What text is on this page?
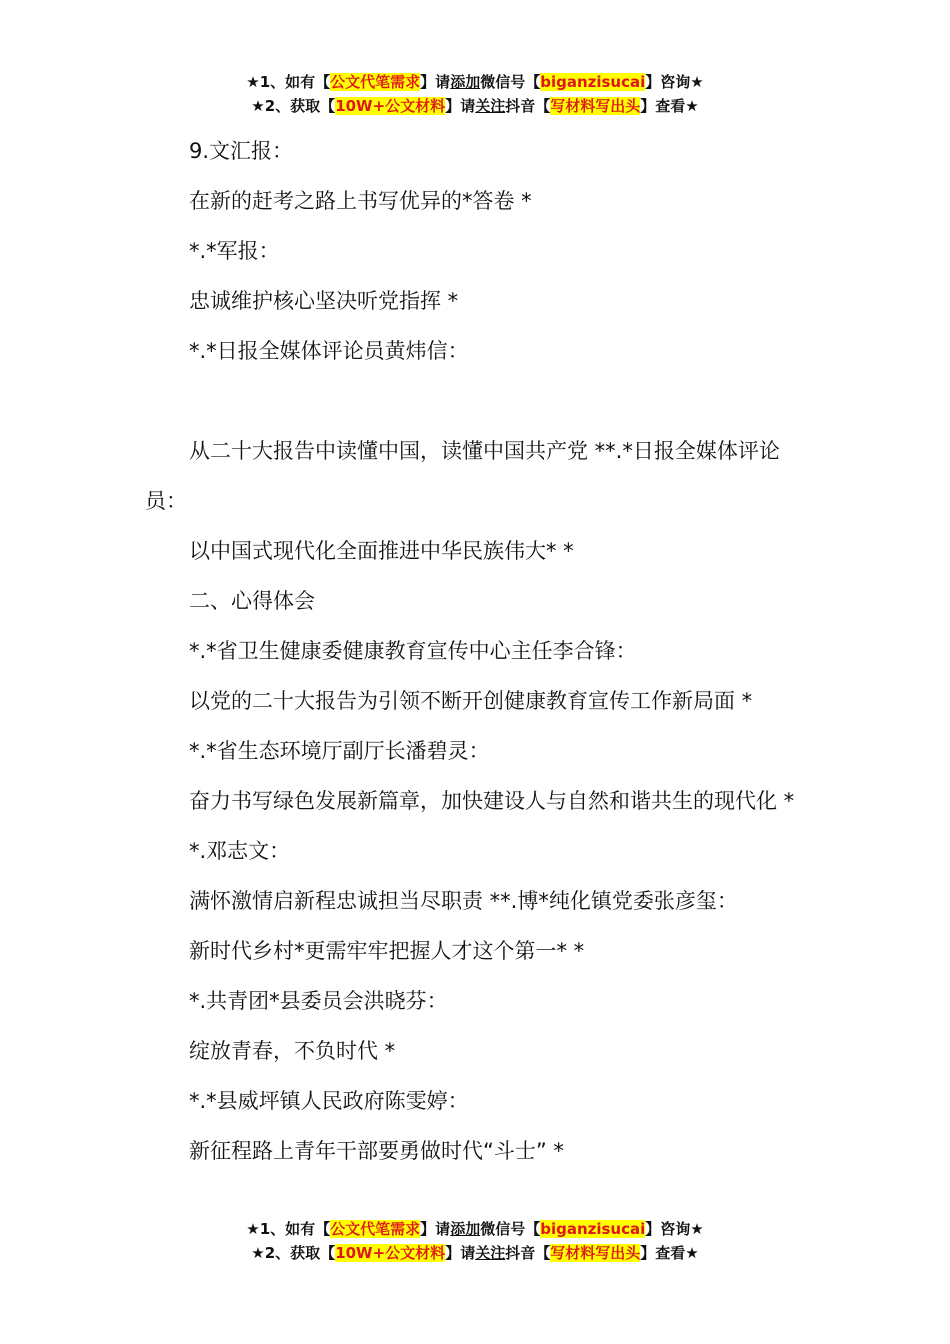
★1、如有【公文代笔需求】请添加微信号【biganzisucai】咨询★
★2、获取【10W+公文材料】请关注抖音【写材料写出头】查看★

9.文汇报：

在新的赶考之路上书写优异的*答卷 *

*.*军报：

忠诚维护核心坚决听党指挥 *

*.*日报全媒体评论员黄炜信：

从二十大报告中读懂中国，读懂中国共产党 **.*日报全媒体评论员：

以中国式现代化全面推进中华民族伟大* *

二、心得体会

*.*省卫生健康委健康教育宣传中心主任李合锋：

以党的二十大报告为引领不断开创健康教育宣传工作新局面 *

*.*省生态环境厅副厅长潘碧灵：

奋力书写绿色发展新篇章，加快建设人与自然和谐共生的现代化 *

*.邓志文：

满怀激情启新程忠诚担当尽职责 **.博*纯化镇党委张彦玺：

新时代乡村*更需牢牢把握人才这个第一* *

*.共青团*县委员会洪晓芬：

绽放青春，不负时代 *

*.*县威坪镇人民政府陈雯婷：

新征程路上青年干部要勇做时代“斗士” *

★1、如有【公文代笔需求】请添加微信号【biganzisucai】咨询★
★2、获取【10W+公文材料】请关注抖音【写材料写出头】查看★
